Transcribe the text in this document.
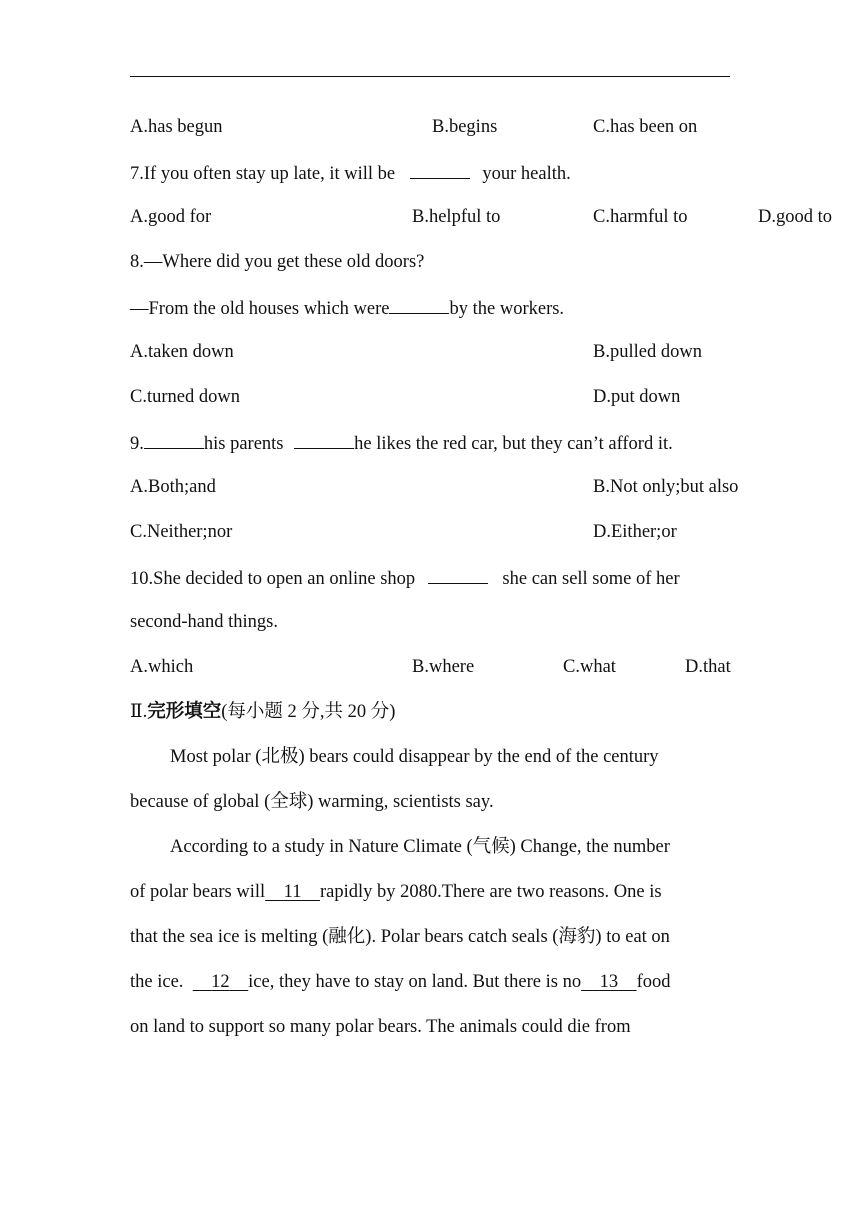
A.has begun	B.begins	C.has been on
7.If you often stay up late, it will be	your health.
A.good for	B.helpful to	C.harmful to	D.good to
8.—Where did you get these old doors?
—From the old houses which were	by the workers.
A.taken down	B.pulled down
C.turned down	D.put down
9.	his parents	he likes the red car, but they can’t afford it.
A.Both;and	B.Not only;but also
C.Neither;nor	D.Either;or
10.She decided to open an online shop	she can sell some of her
second-hand things.
A.which	B.where	C.what	D.that
Ⅱ.完形填空(每小题 2 分,共 20 分)
Most polar (北极) bears could disappear by the end of the century
because of global (全球) warming, scientists say.
According to a study in Nature Climate (气候) Change, the number
of polar bears will 11 rapidly by 2080.There are two reasons. One is
that the sea ice is melting (融化). Polar bears catch seals (海豹) to eat on
the ice. 12 ice, they have to stay on land. But there is no 13 food
on land to support so many polar bears. The animals could die from
